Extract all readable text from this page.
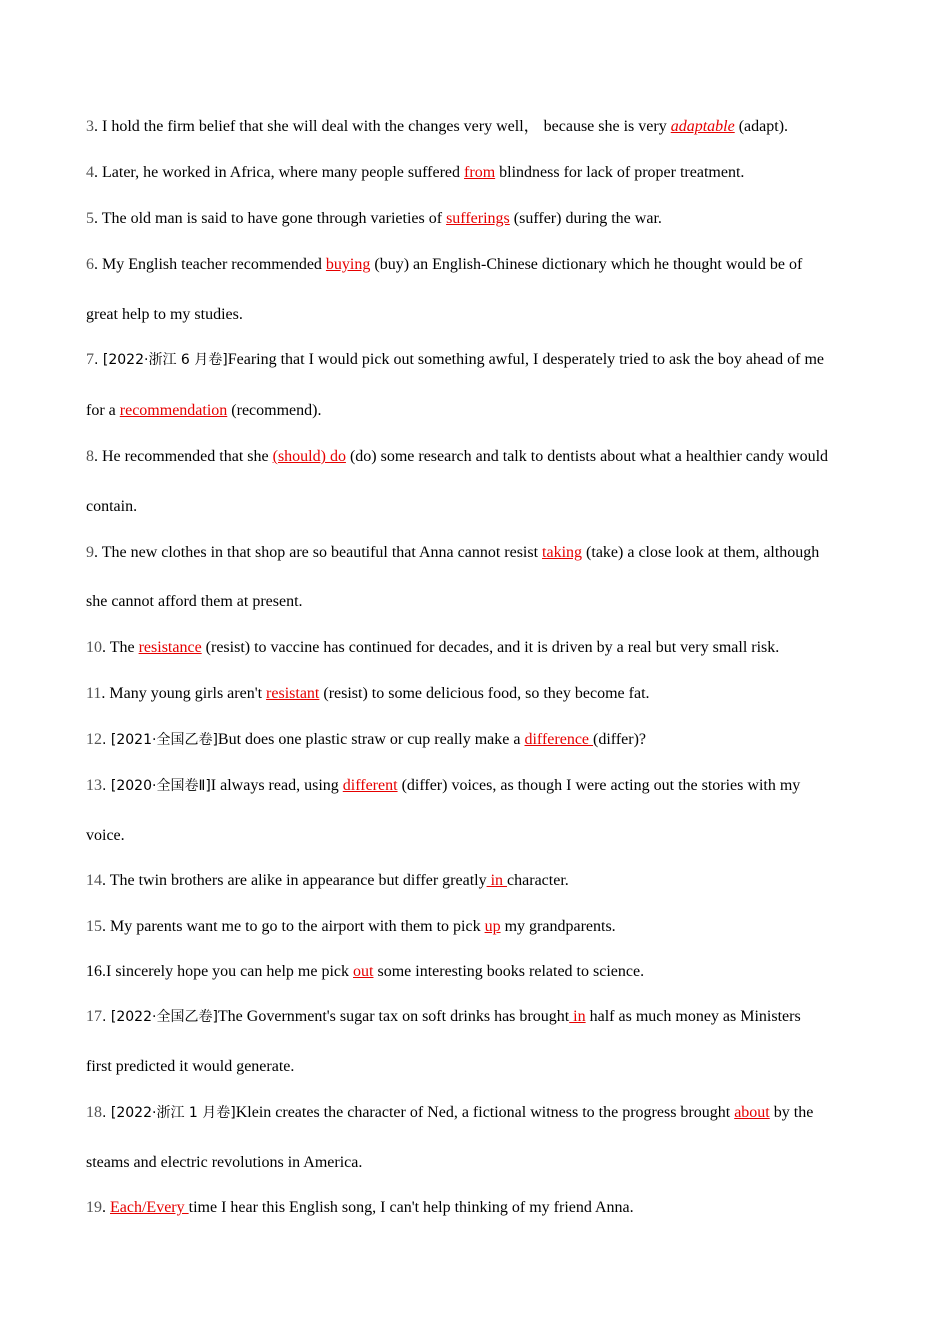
3. I hold the firm belief that she will deal with the changes very well， because she is very adaptable (adapt).
4. Later, he worked in Africa, where many people suffered from blindness for lack of proper treatment.
5. The old man is said to have gone through varieties of sufferings (suffer) during the war.
6. My English teacher recommended buying (buy) an English-Chinese dictionary which he thought would be of
great help to my studies.
7. [2022·浙江 6 月卷]Fearing that I would pick out something awful, I desperately tried to ask the boy ahead of me
for a recommendation (recommend).
8. He recommended that she (should) do (do) some research and talk to dentists about what a healthier candy would
contain.
9. The new clothes in that shop are so beautiful that Anna cannot resist taking (take) a close look at them, although
she cannot afford them at present.
10. The resistance (resist) to vaccine has continued for decades, and it is driven by a real but very small risk.
11. Many young girls aren't resistant (resist) to some delicious food, so they become fat.
12. [2021·全国乙卷]But does one plastic straw or cup really make a difference (differ)?
13. [2020·全国卷Ⅱ]I always read, using different (differ) voices, as though I were acting out the stories with my
voice.
14. The twin brothers are alike in appearance but differ greatly in character.
15. My parents want me to go to the airport with them to pick up my grandparents.
16.I sincerely hope you can help me pick out some interesting books related to science.
17. [2022·全国乙卷]The Government's sugar tax on soft drinks has brought in half as much money as Ministers
first predicted it would generate.
18. [2022·浙江 1 月卷]Klein creates the character of Ned, a fictional witness to the progress brought about by the
steams and electric revolutions in America.
19. Each/Every time I hear this English song, I can't help thinking of my friend Anna.
